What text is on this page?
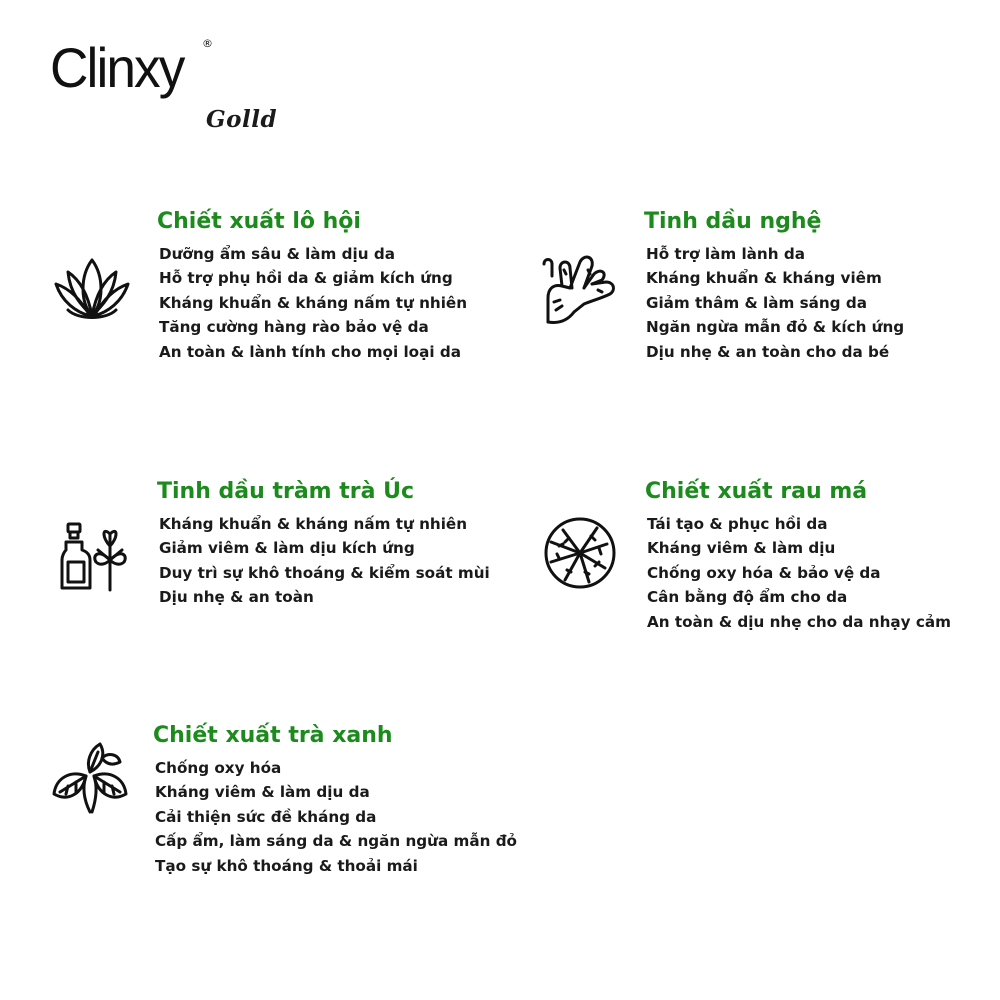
Clinxy ®
Golld
Chiết xuất lô hội
Dưỡng ẩm sâu & làm dịu da
Hỗ trợ phụ hồi da & giảm kích ứng
Kháng khuẩn & kháng nấm tự nhiên
Tăng cường hàng rào bảo vệ da
An toàn & lành tính cho mọi loại da
Tinh dầu nghệ
Hỗ trợ làm lành da
Kháng khuẩn & kháng viêm
Giảm thâm & làm sáng da
Ngăn ngừa mẫn đỏ & kích ứng
Dịu nhẹ & an toàn cho da bé
Tinh dầu tràm trà Úc
Kháng khuẩn & kháng nấm tự nhiên
Giảm viêm & làm dịu kích ứng
Duy trì sự khô thoáng & kiểm soát mùi
Dịu nhẹ & an toàn
Chiết xuất rau má
Tái tạo & phục hồi da
Kháng viêm & làm dịu
Chống oxy hóa & bảo vệ da
Cân bằng độ ẩm cho da
An toàn & dịu nhẹ cho da nhạy cảm
Chiết xuất trà xanh
Chống oxy hóa
Kháng viêm & làm dịu da
Cải thiện sức đề kháng da
Cấp ẩm, làm sáng da & ngăn ngừa mẫn đỏ
Tạo sự khô thoáng & thoải mái
